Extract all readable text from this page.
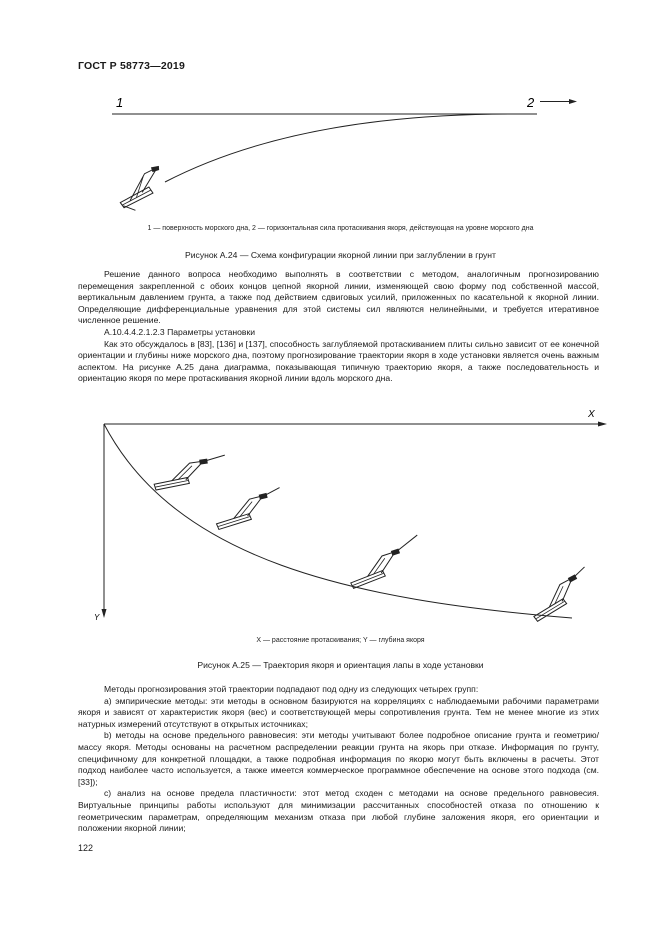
ГОСТ Р 58773—2019
1	2
1 — поверхность морского дна, 2 — горизонтальная сила протаскивания якоря, действующая на уровне морского дна
Рисунок А.24 — Схема конфигурации якорной линии при заглублении в грунт

Решение данного вопроса необходимо выполнять в соответствии с методом, аналогичным прогнозированию перемещения закрепленной с обоих концов цепной якорной линии, изменяющей свою форму под собственной массой, вертикальным давлением грунта, а также под действием сдвиговых усилий, приложенных по касательной к якорной линии. Определяющие дифференциальные уравнения для этой системы сил являются нелинейными, и требуется итеративное численное решение.

А.10.4.4.2.1.2.3 Параметры установки

Как это обсуждалось в [83], [136] и [137], способность заглубляемой протаскиванием плиты сильно зависит от ее конечной ориентации и глубины ниже морского дна, поэтому прогнозирование траектории якоря в ходе установки является очень важным аспектом. На рисунке А.25 дана диаграмма, показывающая типичную траекторию якоря, а также последовательность и ориентацию якоря по мере протаскивания якорной линии вдоль морского дна.

X
Y
X — расстояние протаскивания; Y — глубина якоря
Рисунок А.25 — Траектория якоря и ориентация лапы в ходе установки

Методы прогнозирования этой траектории подпадают под одну из следующих четырех групп:

a) эмпирические методы: эти методы в основном базируются на корреляциях с наблюдаемыми рабочими параметрами якоря и зависят от характеристик якоря (вес) и соответствующей меры сопротивления грунта. Тем не менее многие из этих натурных измерений отсутствуют в открытых источниках;

b) методы на основе предельного равновесия: эти методы учитывают более подробное описание грунта и геометрию/массу якоря. Методы основаны на расчетном распределении реакции грунта на якорь при отказе. Информация по грунту, специфичному для конкретной площадки, а также подробная информация по якорю могут быть включены в расчеты. Этот подход наиболее часто используется, а также имеется коммерческое программное обеспечение на основе этого подхода (см. [33]);

c) анализ на основе предела пластичности: этот метод сходен с методами на основе предельного равновесия. Виртуальные принципы работы используют для минимизации рассчитанных способностей отказа по отношению к геометрическим параметрам, определяющим механизм отказа при любой глубине заложения якоря, его ориентации и положении якорной линии;

122
